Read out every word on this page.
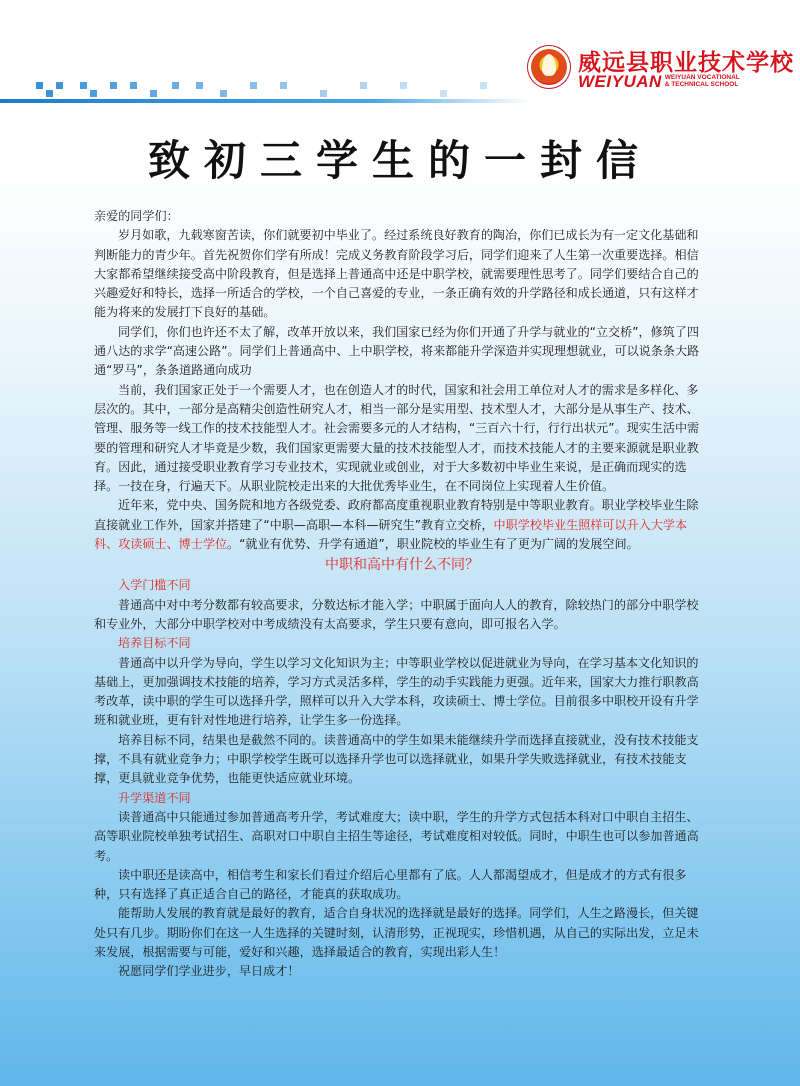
威远县职业技术学校
WEIYUAN WEIYUAN VOCATIONAL
& TECHNICAL SCHOOL
致初三学生的一封信

亲爱的同学们：

岁月如歌，九载寒窗苦读，你们就要初中毕业了。经过系统良好教育的陶冶，你们已成长为有一定文化基础和判断能力的青少年。首先祝贺你们学有所成！完成义务教育阶段学习后，同学们迎来了人生第一次重要选择。相信大家都希望继续接受高中阶段教育，但是选择上普通高中还是中职学校，就需要理性思考了。同学们要结合自己的兴趣爱好和特长，选择一所适合的学校，一个自己喜爱的专业，一条正确有效的升学路径和成长通道，只有这样才能为将来的发展打下良好的基础。

同学们，你们也许还不太了解，改革开放以来，我们国家已经为你们开通了升学与就业的“立交桥”，修筑了四通八达的求学“高速公路”。同学们上普通高中、上中职学校，将来都能升学深造并实现理想就业，可以说条条大路通“罗马”，条条道路通向成功

当前，我们国家正处于一个需要人才，也在创造人才的时代，国家和社会用工单位对人才的需求是多样化、多层次的。其中，一部分是高精尖创造性研究人才，相当一部分是实用型、技术型人才，大部分是从事生产、技术、管理、服务等一线工作的技术技能型人才。社会需要多元的人才结构，“三百六十行，行行出状元”。现实生活中需要的管理和研究人才毕竟是少数，我们国家更需要大量的技术技能型人才，而技术技能人才的主要来源就是职业教育。因此，通过接受职业教育学习专业技术，实现就业或创业，对于大多数初中毕业生来说，是正确而现实的选择。一技在身，行遍天下。从职业院校走出来的大批优秀毕业生，在不同岗位上实现着人生价值。

近年来，党中央、国务院和地方各级党委、政府都高度重视职业教育特别是中等职业教育。职业学校毕业生除直接就业工作外，国家并搭建了“中职—高职—本科—研究生”教育立交桥，中职学校毕业生照样可以升入大学本科、攻读硕士、博士学位。“就业有优势、升学有通道”，职业院校的毕业生有了更为广阔的发展空间。

中职和高中有什么不同？

入学门槛不同

普通高中对中考分数都有较高要求，分数达标才能入学；中职属于面向人人的教育，除较热门的部分中职学校和专业外，大部分中职学校对中考成绩没有太高要求，学生只要有意向，即可报名入学。

培养目标不同

普通高中以升学为导向，学生以学习文化知识为主；中等职业学校以促进就业为导向，在学习基本文化知识的基础上，更加强调技术技能的培养，学习方式灵活多样，学生的动手实践能力更强。近年来，国家大力推行职教高考改革，读中职的学生可以选择升学，照样可以升入大学本科，攻读硕士、博士学位。目前很多中职校开设有升学班和就业班，更有针对性地进行培养，让学生多一份选择。

培养目标不同，结果也是截然不同的。读普通高中的学生如果未能继续升学而选择直接就业，没有技术技能支撑，不具有就业竞争力；中职学校学生既可以选择升学也可以选择就业，如果升学失败选择就业，有技术技能支撑，更具就业竞争优势，也能更快适应就业环境。

升学渠道不同

读普通高中只能通过参加普通高考升学，考试难度大；读中职，学生的升学方式包括本科对口中职自主招生、高等职业院校单独考试招生、高职对口中职自主招生等途径，考试难度相对较低。同时，中职生也可以参加普通高考。

读中职还是读高中，相信考生和家长们看过介绍后心里都有了底。人人都渴望成才，但是成才的方式有很多种，只有选择了真正适合自己的路径，才能真的获取成功。

能帮助人发展的教育就是最好的教育，适合自身状况的选择就是最好的选择。同学们，人生之路漫长，但关键处只有几步。期盼你们在这一人生选择的关键时刻，认清形势，正视现实，珍惜机遇，从自己的实际出发，立足未来发展，根据需要与可能，爱好和兴趣，选择最适合的教育，实现出彩人生！

祝愿同学们学业进步，早日成才！
